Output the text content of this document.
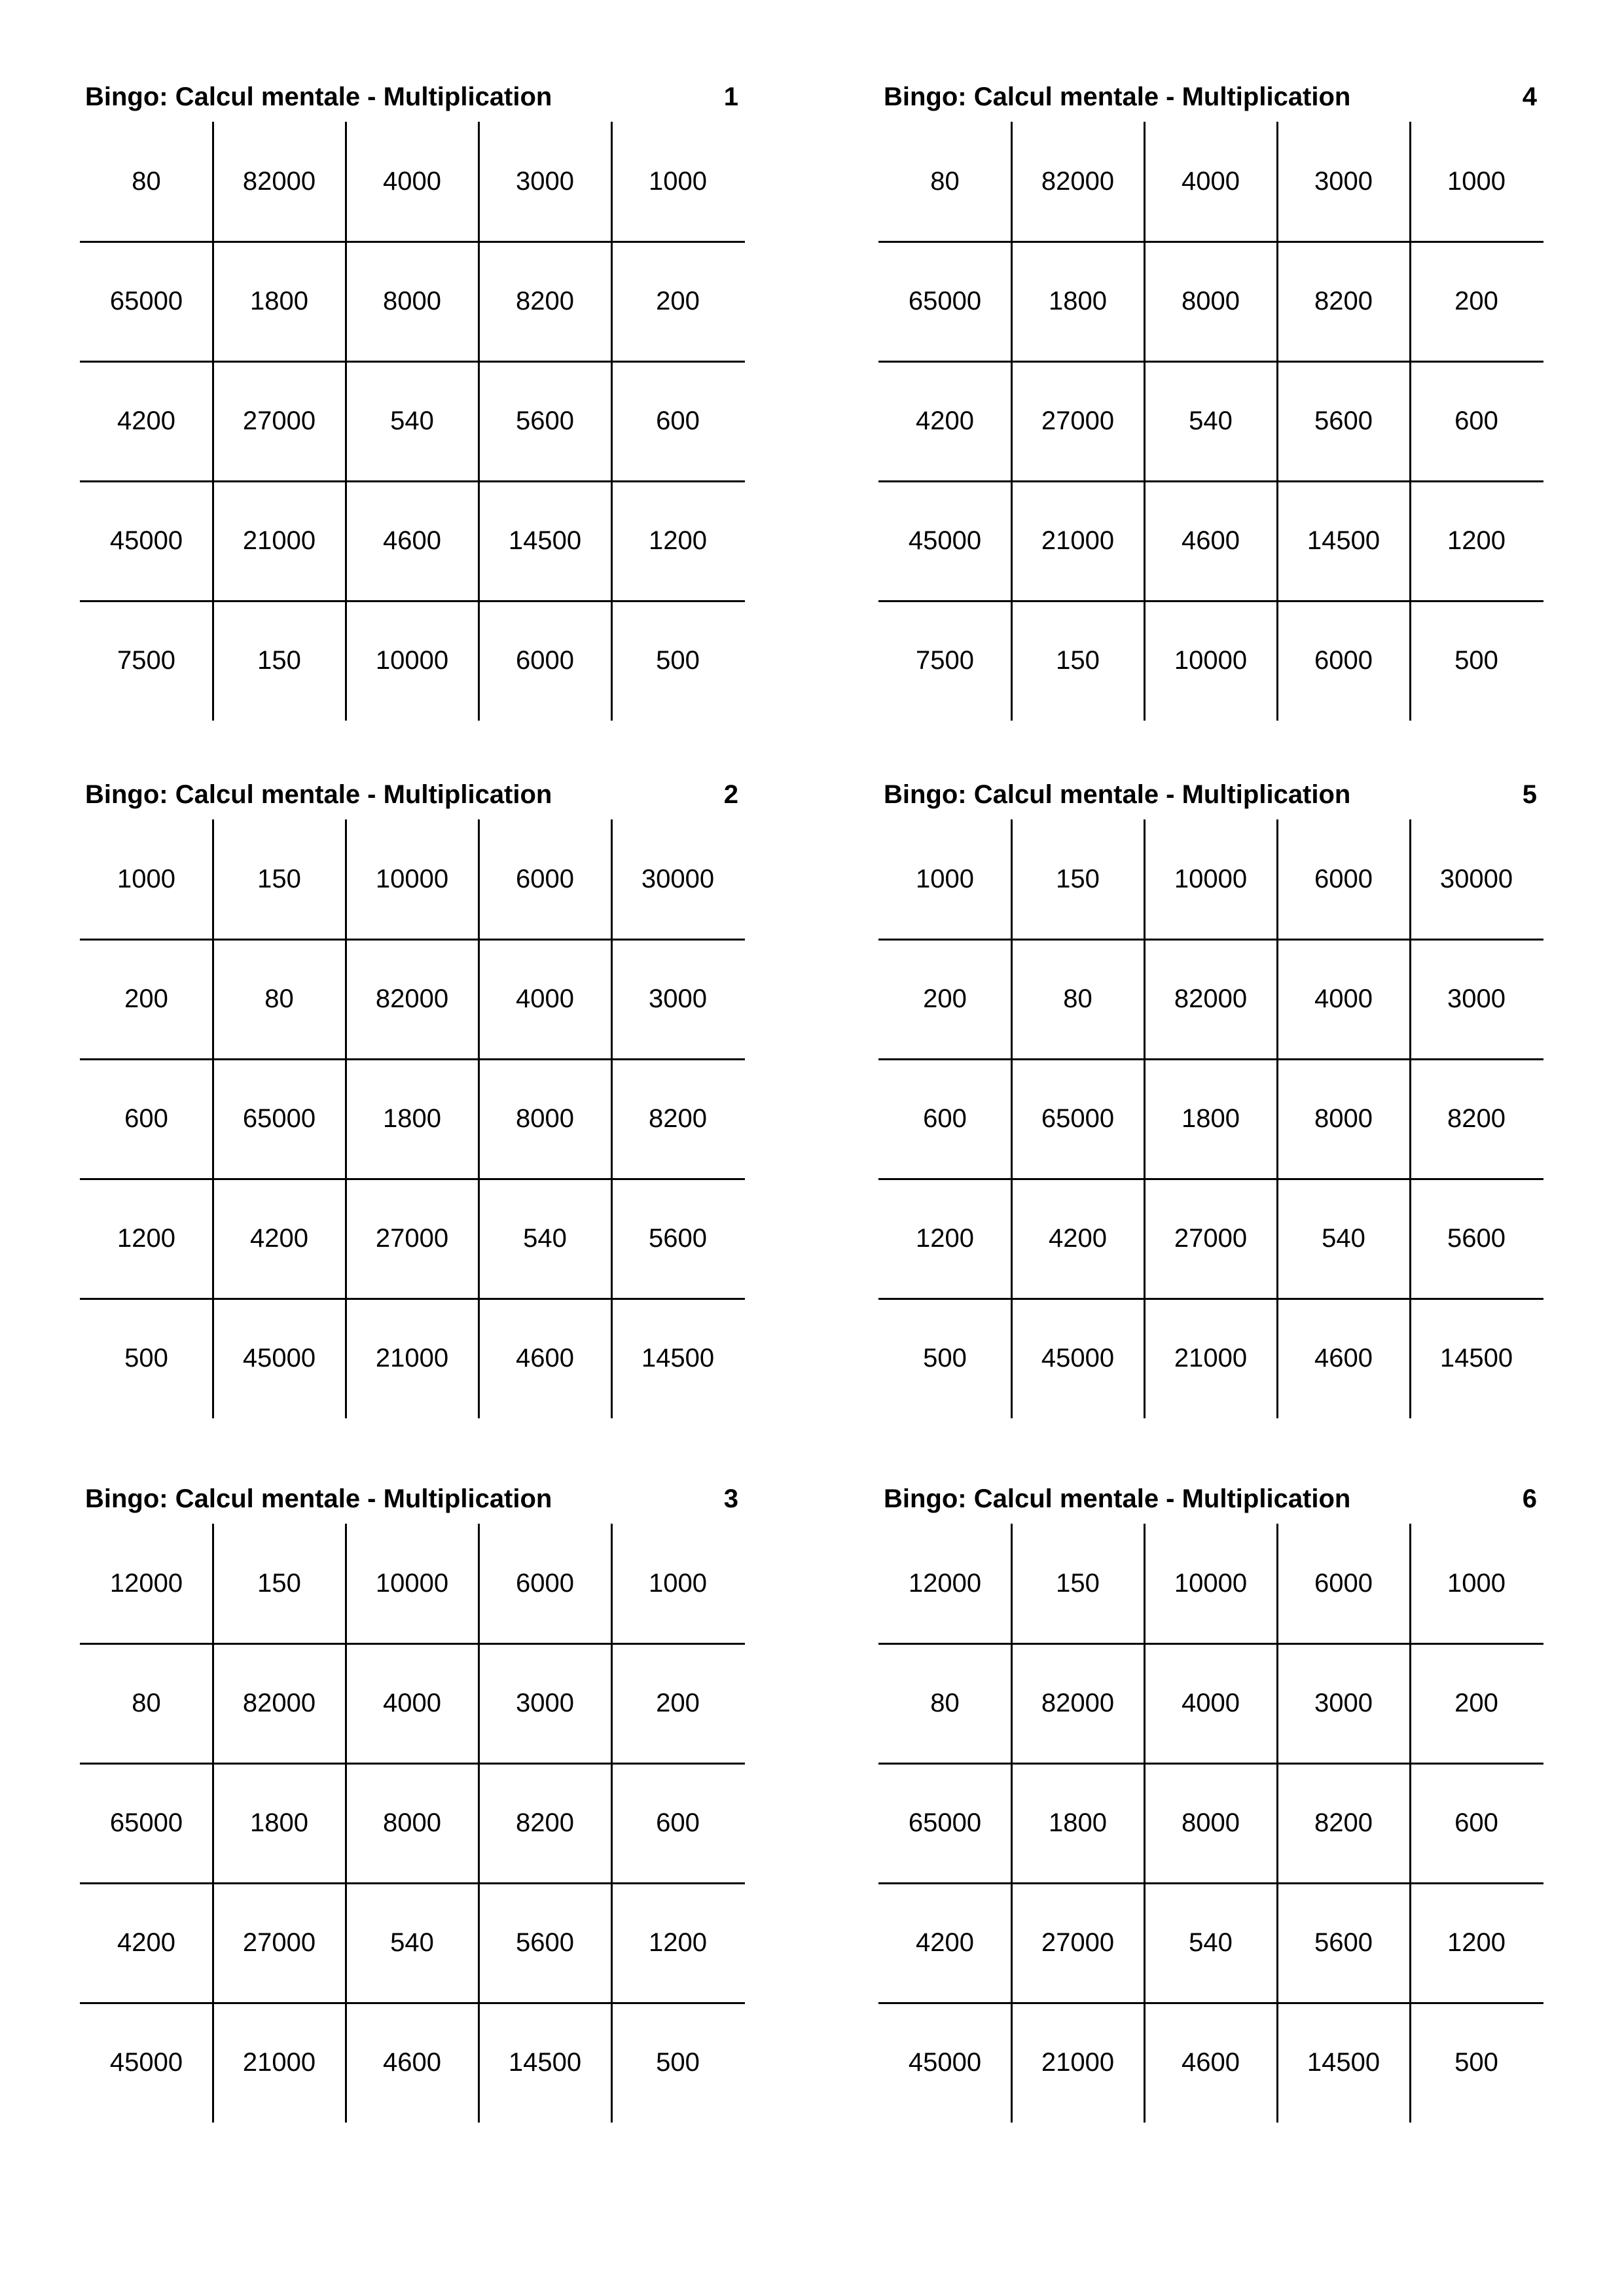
Bingo: Calcul mentale - Multiplication	1
80	82000	4000	3000	1000
65000	1800	8000	8200	200
4200	27000	540	5600	600
45000	21000	4600	14500	1200
7500	150	10000	6000	500
Bingo: Calcul mentale - Multiplication	2
1000	150	10000	6000	30000
200	80	82000	4000	3000
600	65000	1800	8000	8200
1200	4200	27000	540	5600
500	45000	21000	4600	14500
Bingo: Calcul mentale - Multiplication	3
12000	150	10000	6000	1000
80	82000	4000	3000	200
65000	1800	8000	8200	600
4200	27000	540	5600	1200
45000	21000	4600	14500	500
Bingo: Calcul mentale - Multiplication	4
80	82000	4000	3000	1000
65000	1800	8000	8200	200
4200	27000	540	5600	600
45000	21000	4600	14500	1200
7500	150	10000	6000	500
Bingo: Calcul mentale - Multiplication	5
1000	150	10000	6000	30000
200	80	82000	4000	3000
600	65000	1800	8000	8200
1200	4200	27000	540	5600
500	45000	21000	4600	14500
Bingo: Calcul mentale - Multiplication	6
12000	150	10000	6000	1000
80	82000	4000	3000	200
65000	1800	8000	8200	600
4200	27000	540	5600	1200
45000	21000	4600	14500	500
